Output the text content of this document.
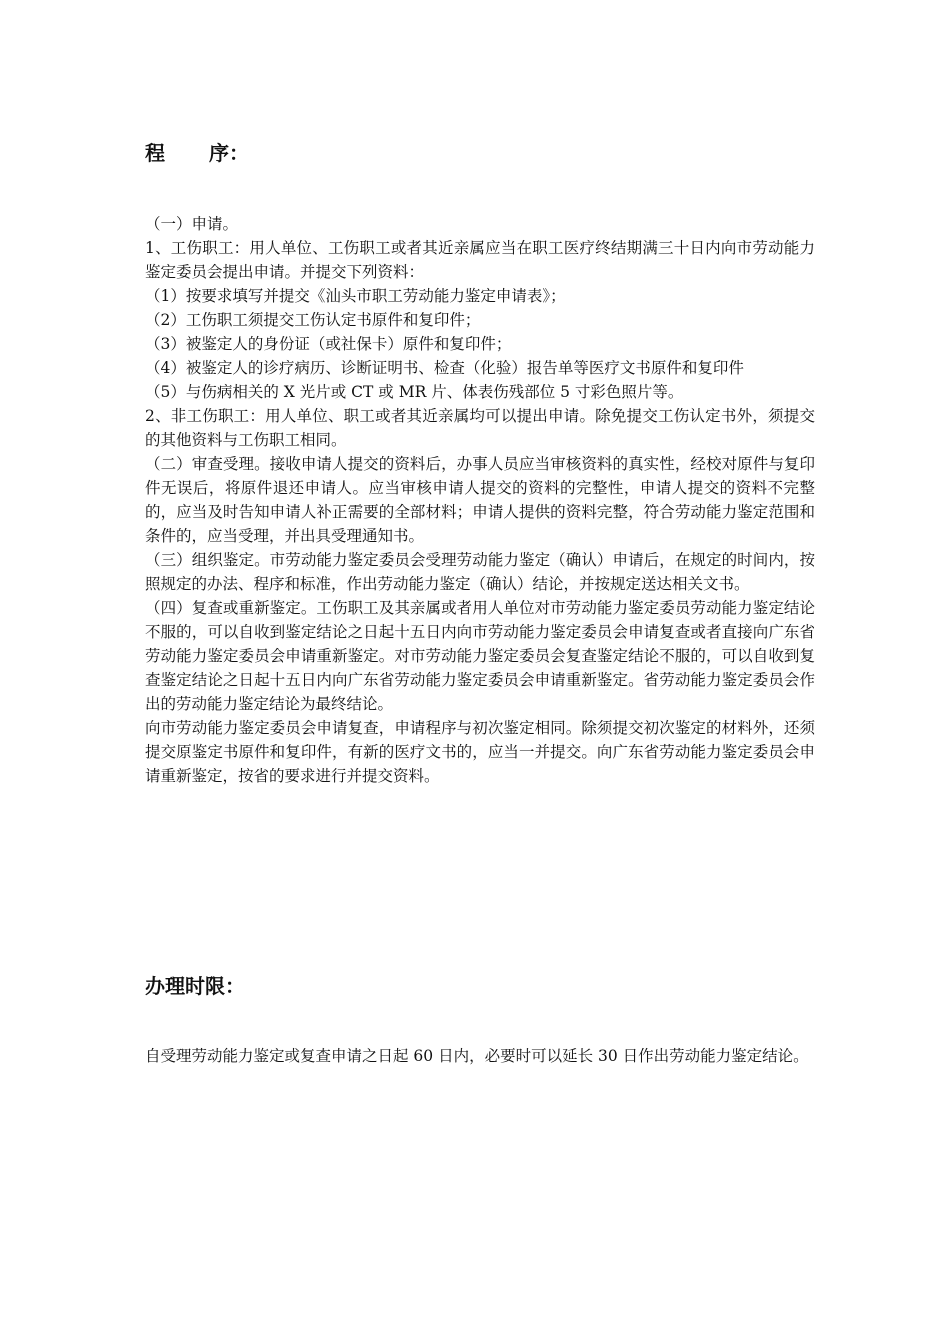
程 序：

（一）申请。

1、工伤职工：用人单位、工伤职工或者其近亲属应当在职工医疗终结期满三十日内向市劳动能力鉴定委员会提出申请。并提交下列资料：

（1）按要求填写并提交《汕头市职工劳动能力鉴定申请表》；

（2）工伤职工须提交工伤认定书原件和复印件；

（3）被鉴定人的身份证（或社保卡）原件和复印件；

（4）被鉴定人的诊疗病历、诊断证明书、检查（化验）报告单等医疗文书原件和复印件

（5）与伤病相关的 X 光片或 CT 或 MR 片、体表伤残部位 5 寸彩色照片等。

2、非工伤职工：用人单位、职工或者其近亲属均可以提出申请。除免提交工伤认定书外，须提交的其他资料与工伤职工相同。

（二）审查受理。接收申请人提交的资料后，办事人员应当审核资料的真实性，经校对原件与复印件无误后，将原件退还申请人。应当审核申请人提交的资料的完整性，申请人提交的资料不完整的，应当及时告知申请人补正需要的全部材料；申请人提供的资料完整，符合劳动能力鉴定范围和条件的，应当受理，并出具受理通知书。

（三）组织鉴定。市劳动能力鉴定委员会受理劳动能力鉴定（确认）申请后，在规定的时间内，按照规定的办法、程序和标准，作出劳动能力鉴定（确认）结论，并按规定送达相关文书。

（四）复查或重新鉴定。工伤职工及其亲属或者用人单位对市劳动能力鉴定委员劳动能力鉴定结论不服的，可以自收到鉴定结论之日起十五日内向市劳动能力鉴定委员会申请复查或者直接向广东省劳动能力鉴定委员会申请重新鉴定。对市劳动能力鉴定委员会复查鉴定结论不服的，可以自收到复查鉴定结论之日起十五日内向广东省劳动能力鉴定委员会申请重新鉴定。省劳动能力鉴定委员会作出的劳动能力鉴定结论为最终结论。

向市劳动能力鉴定委员会申请复查，申请程序与初次鉴定相同。除须提交初次鉴定的材料外，还须提交原鉴定书原件和复印件，有新的医疗文书的，应当一并提交。向广东省劳动能力鉴定委员会申请重新鉴定，按省的要求进行并提交资料。

办理时限：

自受理劳动能力鉴定或复查申请之日起 60 日内，必要时可以延长 30 日作出劳动能力鉴定结论。
